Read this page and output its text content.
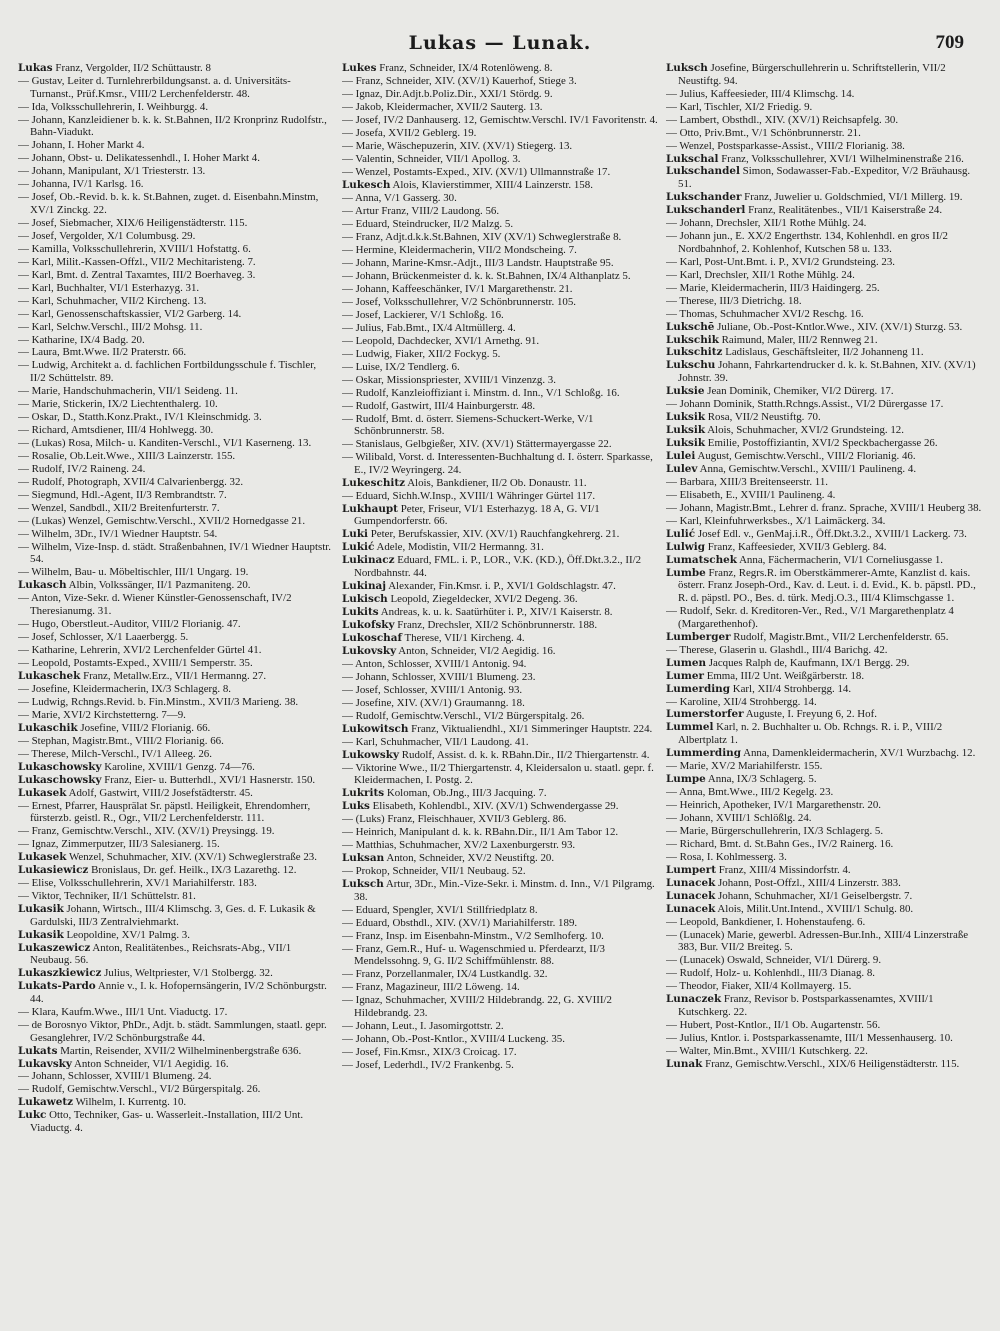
Lukas — Lunak.	709
Lukas Franz, Vergolder, II/2 Schüttaustr. 8
— Gustav, Leiter d. Turnlehrerbildungsanst. a. d. Universitäts-Turnanst., Prüf.Kmsr., VIII/2 Lerchenfelderstr. 48.
— Ida, Volksschullehrerin, I. Weihburgg. 4.
— Johann, Kanzleidiener b. k. k. St.Bahnen, II/2 Kronprinz Rudolfstr., Bahn-Viadukt.
— Johann, I. Hoher Markt 4.
— Johann, Obst- u. Delikatessenhdl., I. Hoher Markt 4.
— Johann, Manipulant, X/1 Triesterstr. 13.
— Johanna, IV/1 Karlsg. 16.
— Josef, Ob.-Revid. b. k. k. St.Bahnen, zuget. d. Eisenbahn.Minstm, XV/1 Zinckg. 22.
— Josef, Siebmacher, XIX/6 Heiligenstädterstr. 115.
— Josef, Vergolder, X/1 Columbusg. 29.
— Kamilla, Volksschullehrerin, XVIII/1 Hofstattg. 6.
— Karl, Milit.-Kassen-Offzl., VII/2 Mechitaristeng. 7.
— Karl, Bmt. d. Zentral Taxamtes, III/2 Boerhaveg. 3.
— Karl, Buchhalter, VI/1 Esterhazyg. 31.
— Karl, Schuhmacher, VII/2 Kircheng. 13.
— Karl, Genossenschaftskassier, VI/2 Garberg. 14.
— Karl, Selchw.Verschl., III/2 Mohsg. 11.
— Katharine, IX/4 Badg. 20.
— Laura, Bmt.Wwe. II/2 Praterstr. 66.
— Ludwig, Architekt a. d. fachlichen Fortbildungsschule f. Tischler, II/2 Schüttelstr. 89.
— Marie, Handschuhmacherin, VII/1 Seideng. 11.
— Marie, Stickerin, IX/2 Liechtenthalerg. 10.
— Oskar, D., Statth.Konz.Prakt., IV/1 Kleinschmidg. 3.
— Richard, Amtsdiener, III/4 Hohlwegg. 30.
— (Lukas) Rosa, Milch- u. Kanditen-Verschl., VI/1 Kaserneng. 13.
— Rosalie, Ob.Leit.Wwe., XIII/3 Lainzerstr. 155.
— Rudolf, IV/2 Raineng. 24.
— Rudolf, Photograph, XVII/4 Calvarienbergg. 32.
— Siegmund, Hdl.-Agent, II/3 Rembrandtstr. 7.
— Wenzel, Sandbdl., XII/2 Breitenfurterstr. 7.
— (Lukas) Wenzel, Gemischtw.Verschl., XVII/2 Hornedgasse 21.
— Wilhelm, 3Dr., IV/1 Wiedner Hauptstr. 54.
— Wilhelm, Vize-Insp. d. städt. Straßenbahnen, IV/1 Wiedner Hauptstr. 54.
— Wilhelm, Bau- u. Möbeltischler, III/1 Ungarg. 19.
Lukasch Albin, Volkssänger, II/1 Pazmaniteng. 20.
— Anton, Vize-Sekr. d. Wiener Künstler-Genossenschaft, IV/2 Theresianumg. 31.
— Hugo, Oberstleut.-Auditor, VIII/2 Florianig. 47.
— Josef, Schlosser, X/1 Laaerbergg. 5.
— Katharine, Lehrerin, XVI/2 Lerchenfelder Gürtel 41.
— Leopold, Postamts-Exped., XVIII/1 Semperstr. 35.
Lukaschek Franz, Metallw.Erz., VII/1 Hermanng. 27.
— Josefine, Kleidermacherin, IX/3 Schlagerg. 8.
— Ludwig, Rchngs.Revid. b. Fin.Minstm., XVII/3 Marieng. 38.
— Marie, XVI/2 Kirchstetterng. 7—9.
Lukaschik Josefine, VIII/2 Florianig. 66.
— Stephan, Magistr.Bmt., VIII/2 Florianig. 66.
— Therese, Milch-Verschl., IV/1 Alleeg. 26.
Lukaschowsky Karoline, XVIII/1 Genzg. 74—76.
Lukaschowsky Franz, Eier- u. Butterhdl., XVI/1 Hasnerstr. 150.
Lukasek Adolf, Gastwirt, VIII/2 Josefstädterstr. 45.
— Ernest, Pfarrer, Hausprälat Sr. päpstl. Heiligkeit, Ehrendomherr, fürsterzb. geistl. R., Ogr., VII/2 Lerchenfelderstr. 111.
— Franz, Gemischtw.Verschl., XIV. (XV/1) Preysingg. 19.
— Ignaz, Zimmerputzer, III/3 Salesianerg. 15.
Lukasek Wenzel, Schuhmacher, XIV. (XV/1) Schweglerstraße 23.
Lukasiewicz Bronislaus, Dr. gef. Heilk., IX/3 Lazarethg. 12.
— Elise, Volksschullehrerin, XV/1 Mariahilferstr. 183.
— Viktor, Techniker, II/1 Schüttelstr. 81.
Lukasik Johann, Wirtsch., III/4 Klimschg. 3, Ges. d. F. Lukasik & Gardulski, III/3 Zentralviehmarkt.
Lukasik Leopoldine, XV/1 Palmg. 3.
Lukaszewicz Anton, Realitätenbes., Reichsrats-Abg., VII/1 Neubaug. 56.
Lukaszkiewicz Julius, Weltpriester, V/1 Stolbergg. 32.
Lukats-Pardo Annie v., I. k. Hofopernsängerin, IV/2 Schönburgstr. 44.
— Klara, Kaufm.Wwe., III/1 Unt. Viaductg. 17.
— de Borosnyo Viktor, PhDr., Adjt. b. städt. Sammlungen, staatl. gepr. Gesanglehrer, IV/2 Schönburgstraße 44.
Lukats Martin, Reisender, XVII/2 Wilhelminenbergstraße 636.
Lukavsky Anton Schneider, VI/1 Aegidig. 16.
— Johann, Schlosser, XVIII/1 Blumeng. 24.
— Rudolf, Gemischtw.Verschl., VI/2 Bürgerspitalg. 26.
Lukawetz Wilhelm, I. Kurrentg. 10.
Lukc Otto, Techniker, Gas- u. Wasserleit.-Installation, III/2 Unt. Viaductg. 4.
Lukes Franz, Schneider, IX/4 Rotenlöweng. 8.
— Franz, Schneider, XIV. (XV/1) Kauerhof, Stiege 3.
— Ignaz, Dir.Adjt.b.Poliz.Dir., XXI/1 Stördg. 9.
— Jakob, Kleidermacher, XVII/2 Sauterg. 13.
— Josef, IV/2 Danhauserg. 12, Gemischtw.Verschl. IV/1 Favoritenstr. 4.
— Josefa, XVII/2 Geblerg. 19.
— Marie, Wäschepuzerin, XIV. (XV/1) Stiegerg. 13.
— Valentin, Schneider, VII/1 Apollog. 3.
— Wenzel, Postamts-Exped., XIV. (XV/1) Ullmannstraße 17.
Lukesch Alois, Klavierstimmer, XIII/4 Lainzerstr. 158.
— Anna, V/1 Gasserg. 30.
— Artur Franz, VIII/2 Laudong. 56.
— Eduard, Steindrucker, II/2 Malzg. 5.
— Franz, Adjt.d.k.k.St.Bahnen, XIV (XV/1) Schweglerstraße 8.
— Hermine, Kleidermacherin, VII/2 Mondscheing. 7.
— Johann, Marine-Kmsr.-Adjt., III/3 Landstr. Hauptstraße 95.
— Johann, Brückenmeister d. k. k. St.Bahnen, IX/4 Althanplatz 5.
— Johann, Kaffeeschänker, IV/1 Margarethenstr. 21.
— Josef, Volksschullehrer, V/2 Schönbrunnerstr. 105.
— Josef, Lackierer, V/1 Schloßg. 16.
— Julius, Fab.Bmt., IX/4 Altmüllerg. 4.
— Leopold, Dachdecker, XVI/1 Arnethg. 91.
— Ludwig, Fiaker, XII/2 Fockyg. 5.
— Luise, IX/2 Tendlerg. 6.
— Oskar, Missionspriester, XVIII/1 Vinzenzg. 3.
— Rudolf, Kanzleioffiziant i. Minstm. d. Inn., V/1 Schloßg. 16.
— Rudolf, Gastwirt, III/4 Hainburgerstr. 48.
— Rudolf, Bmt. d. österr. Siemens-Schuckert-Werke, V/1 Schönbrunnerstr. 58.
— Stanislaus, Gelbgießer, XIV. (XV/1) Stättermayergasse 22.
— Wilibald, Vorst. d. Interessenten-Buchhaltung d. I. österr. Sparkasse, E., IV/2 Weyringerg. 24.
Lukeschitz Alois, Bankdiener, II/2 Ob. Donaustr. 11.
— Eduard, Sichh.W.Insp., XVIII/1 Währinger Gürtel 117.
Lukhaupt Peter, Friseur, VI/1 Esterhazyg. 18 A, G. VI/1 Gumpendorferstr. 66.
Luki Peter, Berufskassier, XIV. (XV/1) Rauchfangkehrerg. 21.
Lukić Adele, Modistin, VII/2 Hermanng. 31.
Lukinacz Eduard, FML. i. P., LOR., V.K. (KD.), Öff.Dkt.3.2., II/2 Nordbahnstr. 44.
Lukinaj Alexander, Fin.Kmsr. i. P., XVI/1 Goldschlagstr. 47.
Lukisch Leopold, Ziegeldecker, XVI/2 Degeng. 36.
Lukits Andreas, k. u. k. Saatürhüter i. P., XIV/1 Kaiserstr. 8.
Lukofsky Franz, Drechsler, XII/2 Schönbrunnerstr. 188.
Lukoschaf Therese, VII/1 Kircheng. 4.
Lukovsky Anton, Schneider, VI/2 Aegidig. 16.
— Anton, Schlosser, XVIII/1 Antonig. 94.
— Johann, Schlosser, XVIII/1 Blumeng. 23.
— Josef, Schlosser, XVIII/1 Antonig. 93.
— Josefine, XIV. (XV/1) Graumanng. 18.
— Rudolf, Gemischtw.Verschl., VI/2 Bürgerspitalg. 26.
Lukowitsch Franz, Viktualiendhl., XI/1 Simmeringer Hauptstr. 224.
— Karl, Schuhmacher, VII/1 Laudong. 41.
Lukowsky Rudolf, Assist. d. k. k. RBahn.Dir., II/2 Thiergartenstr. 4.
— Viktorine Wwe., II/2 Thiergartenstr. 4, Kleidersalon u. staatl. gepr. f. Kleidermachen, I. Postg. 2.
Lukrits Koloman, Ob.Jng., III/3 Jacquing. 7.
Luks Elisabeth, Kohlendbl., XIV. (XV/1) Schwendergasse 29.
— (Luks) Franz, Fleischhauer, XVII/3 Geblerg. 86.
— Heinrich, Manipulant d. k. k. RBahn.Dir., II/1 Am Tabor 12.
— Matthias, Schuhmacher, XV/2 Laxenburgerstr. 93.
Luksan Anton, Schneider, XV/2 Neustiftg. 20.
— Prokop, Schneider, VII/1 Neubaug. 52.
Luksch Artur, 3Dr., Min.-Vize-Sekr. i. Minstm. d. Inn., V/1 Pilgramg. 38.
— Eduard, Spengler, XVI/1 Stillfriedplatz 8.
— Eduard, Obsthdl., XIV. (XV/1) Mariahilferstr. 189.
— Franz, Insp. im Eisenbahn-Minstm., V/2 Semlhoferg. 10.
— Franz, Gem.R., Huf- u. Wagenschmied u. Pferdearzt, II/3 Mendelssohng. 9, G. II/2 Schiffmühlenstr. 88.
— Franz, Porzellanmaler, IX/4 Lustkandlg. 32.
— Franz, Magazineur, III/2 Löweng. 14.
— Ignaz, Schuhmacher, XVIII/2 Hildebrandg. 22, G. XVIII/2 Hildebrandg. 23.
— Johann, Leut., I. Jasomirgottstr. 2.
— Johann, Ob.-Post-Kntlor., XVIII/4 Luckeng. 35.
— Josef, Fin.Kmsr., XIX/3 Croicag. 17.
— Josef, Lederhdl., IV/2 Frankenbg. 5.
Luksch Josefine, Bürgerschullehrerin u. Schriftstellerin, VII/2 Neustiftg. 94.
— Julius, Kaffeesieder, III/4 Klimschg. 14.
— Karl, Tischler, XI/2 Friedig. 9.
— Lambert, Obsthdl., XIV. (XV/1) Reichsapfelg. 30.
— Otto, Priv.Bmt., V/1 Schönbrunnerstr. 21.
— Wenzel, Postsparkasse-Assist., VIII/2 Florianig. 38.
Lukschal Franz, Volksschullehrer, XVI/1 Wilhelminenstraße 216.
Lukschandel Simon, Sodawasser-Fab.-Expeditor, V/2 Bräuhausg. 51.
Lukschander Franz, Juwelier u. Goldschmied, VI/1 Millerg. 19.
Lukschanderl Franz, Realitätenbes., VII/1 Kaiserstraße 24.
— Johann, Drechsler, XII/1 Rothe Mühlg. 24.
— Johann jun., E. XX/2 Engerthstr. 134, Kohlenhdl. en gros II/2 Nordbahnhof, 2. Kohlenhof, Kutschen 58 u. 133.
— Karl, Post-Unt.Bmt. i. P., XVI/2 Grundsteing. 23.
— Karl, Drechsler, XII/1 Rothe Mühlg. 24.
— Marie, Kleidermacherin, III/3 Haidingerg. 25.
— Therese, III/3 Dietrichg. 18.
— Thomas, Schuhmacher XVI/2 Reschg. 16.
Lukschē Juliane, Ob.-Post-Kntlor.Wwe., XIV. (XV/1) Sturzg. 53.
Lukschik Raimund, Maler, III/2 Rennweg 21.
Lukschitz Ladislaus, Geschäftsleiter, II/2 Johanneng 11.
Lukschu Johann, Fahrkartendrucker d. k. k. St.Bahnen, XIV. (XV/1) Johnstr. 39.
Luksie Jean Dominik, Chemiker, VI/2 Dürerg. 17.
— Johann Dominik, Statth.Rchngs.Assist., VI/2 Dürergasse 17.
Luksik Rosa, VII/2 Neustiftg. 70.
Luksik Alois, Schuhmacher, XVI/2 Grundsteing. 12.
Luksik Emilie, Postoffiziantin, XVI/2 Speckbachergasse 26.
Lulei August, Gemischtw.Verschl., VIII/2 Florianig. 46.
Lulev Anna, Gemischtw.Verschl., XVIII/1 Paulineng. 4.
— Barbara, XIII/3 Breitenseerstr. 11.
— Elisabeth, E., XVIII/1 Paulineng. 4.
— Johann, Magistr.Bmt., Lehrer d. franz. Sprache, XVIII/1 Heuberg 38.
— Karl, Kleinfuhrwerksbes., X/1 Laimäckerg. 34.
Lulić Josef Edl. v., GenMaj.i.R., Öff.Dkt.3.2., XVIII/1 Lackerg. 73.
Lulwig Franz, Kaffeesieder, XVII/3 Geblerg. 84.
Lumatschek Anna, Fächermacherin, VI/1 Corneliusgasse 1.
Lumbe Franz, Regrs.R. im Oberstkämmerer-Amte, Kanzlist d. kais. österr. Franz Joseph-Ord., Kav. d. Leut. i. d. Evid., K. b. päpstl. PD., R. d. päpstl. PO., Bes. d. türk. Medj.O.3., III/4 Klimschgasse 1.
— Rudolf, Sekr. d. Kreditoren-Ver., Red., V/1 Margarethenplatz 4 (Margarethenhof).
Lumberger Rudolf, Magistr.Bmt., VII/2 Lerchenfelderstr. 65.
— Therese, Glaserin u. Glashdl., III/4 Barichg. 42.
Lumen Jacques Ralph de, Kaufmann, IX/1 Bergg. 29.
Lumer Emma, III/2 Unt. Weißgärberstr. 18.
Lumerding Karl, XII/4 Strohbergg. 14.
— Karoline, XII/4 Strohbergg. 14.
Lumerstorfer Auguste, I. Freyung 6, 2. Hof.
Lummel Karl, n. 2. Buchhalter u. Ob. Rchngs. R. i. P., VIII/2 Albertplatz 1.
Lummerding Anna, Damenkleidermacherin, XV/1 Wurzbachg. 12.
— Marie, XV/2 Mariahilferstr. 155.
Lumpe Anna, IX/3 Schlagerg. 5.
— Anna, Bmt.Wwe., III/2 Kegelg. 23.
— Heinrich, Apotheker, IV/1 Margarethenstr. 20.
— Johann, XVIII/1 Schlößlg. 24.
— Marie, Bürgerschullehrerin, IX/3 Schlagerg. 5.
— Richard, Bmt. d. St.Bahn Ges., IV/2 Rainerg. 16.
— Rosa, I. Kohlmesserg. 3.
Lumpert Franz, XIII/4 Missindorfstr. 4.
Lunacek Johann, Post-Offzl., XIII/4 Linzerstr. 383.
Lunacek Johann, Schuhmacher, XI/1 Geiselbergstr. 7.
Lunacek Alois, Milit.Unt.Intend., XVIII/1 Schulg. 80.
— Leopold, Bankdiener, I. Hohenstaufeng. 6.
— (Lunacek) Marie, gewerbl. Adressen-Bur.Inh., XIII/4 Linzerstraße 383, Bur. VII/2 Breiteg. 5.
— (Lunacek) Oswald, Schneider, VI/1 Dürerg. 9.
— Rudolf, Holz- u. Kohlenhdl., III/3 Dianag. 8.
— Theodor, Fiaker, XII/4 Kollmayerg. 15.
Lunaczek Franz, Revisor b. Postsparkassenamtes, XVIII/1 Kutschkerg. 22.
— Hubert, Post-Kntlor., II/1 Ob. Augartenstr. 56.
— Julius, Kntlor. i. Postsparkassenamte, III/1 Messenhauserg. 10.
— Walter, Min.Bmt., XVIII/1 Kutschkerg. 22.
Lunak Franz, Gemischtw.Verschl., XIX/6 Heiligenstädterstr. 115.
